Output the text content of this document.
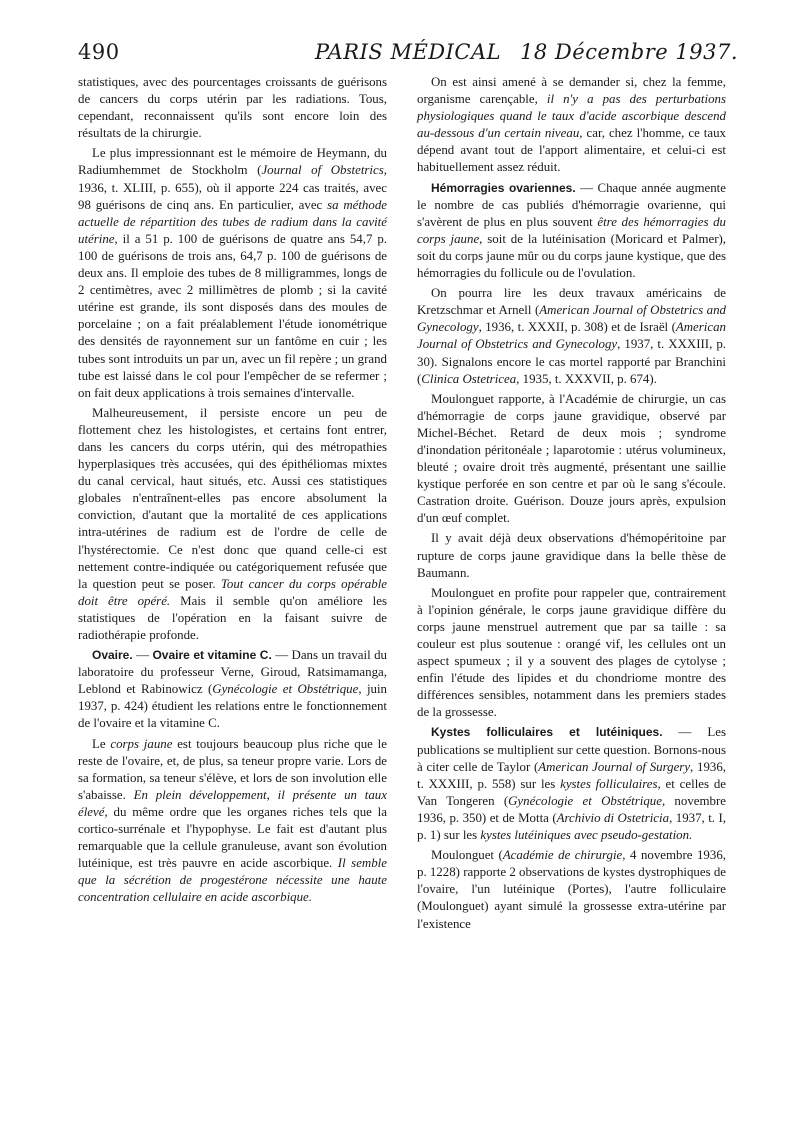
490	PARIS MÉDICAL 18 Décembre 1937.

statistiques, avec des pourcentages croissants de guérisons de cancers du corps utérin par les radiations. Tous, cependant, reconnaissent qu'ils sont encore loin des résultats de la chirurgie.

Le plus impressionnant est le mémoire de Heymann, du Radiumhemmet de Stockholm (Journal of Obstetrics, 1936, t. XLIII, p. 655), où il apporte 224 cas traités, avec 98 guérisons de cinq ans. En particulier, avec sa méthode actuelle de répartition des tubes de radium dans la cavité utérine, il a 51 p. 100 de guérisons de quatre ans 54,7 p. 100 de guérisons de trois ans, 64,7 p. 100 de guérisons de deux ans. Il emploie des tubes de 8 milligrammes, longs de 2 centimètres, avec 2 millimètres de plomb ; si la cavité utérine est grande, ils sont disposés dans des moules de porcelaine ; on a fait préalablement l'étude ionométrique des densités de rayonnement sur un fantôme en cuir ; les tubes sont introduits un par un, avec un fil repère ; un grand tube est laissé dans le col pour l'empêcher de se refermer ; on fait deux applications à trois semaines d'intervalle.

Malheureusement, il persiste encore un peu de flottement chez les histologistes, et certains font entrer, dans les cancers du corps utérin, qui des métropathies hyperplasiques très accusées, qui des épithéliomas mixtes du canal cervical, haut situés, etc. Aussi ces statistiques globales n'entraînent-elles pas encore absolument la conviction, d'autant que la mortalité de ces applications intra-utérines de radium est de l'ordre de celle de l'hystérectomie. Ce n'est donc que quand celle-ci est nettement contre-indiquée ou catégoriquement refusée que la question peut se poser. Tout cancer du corps opérable doit être opéré. Mais il semble qu'on améliore les statistiques de l'opération en la faisant suivre de radiothérapie profonde.

Ovaire. — Ovaire et vitamine C. — Dans un travail du laboratoire du professeur Verne, Giroud, Ratsimamanga, Leblond et Rabinowicz (Gynécologie et Obstétrique, juin 1937, p. 424) étudient les relations entre le fonctionnement de l'ovaire et la vitamine C.

Le corps jaune est toujours beaucoup plus riche que le reste de l'ovaire, et, de plus, sa teneur propre varie. Lors de sa formation, sa teneur s'élève, et lors de son involution elle s'abaisse. En plein développement, il présente un taux élevé, du même ordre que les organes riches tels que la cortico-surrénale et l'hypophyse. Le fait est d'autant plus remarquable que la cellule granuleuse, avant son évolution lutéinique, est très pauvre en acide ascorbique. Il semble que la sécrétion de progestérone nécessite une haute concentration cellulaire en acide ascorbique.

On est ainsi amené à se demander si, chez la femme, organisme carençable, il n'y a pas des perturbations physiologiques quand le taux d'acide ascorbique descend au-dessous d'un certain niveau, car, chez l'homme, ce taux dépend avant tout de l'apport alimentaire, et celui-ci est habituellement assez réduit.

Hémorragies ovariennes. — Chaque année augmente le nombre de cas publiés d'hémorragie ovarienne, qui s'avèrent de plus en plus souvent être des hémorragies du corps jaune, soit de la lutéinisation (Moricard et Palmer), soit du corps jaune mûr ou du corps jaune kystique, que des hémorragies du follicule ou de l'ovulation.

On pourra lire les deux travaux américains de Kretzschmar et Arnell (American Journal of Obstetrics and Gynecology, 1936, t. XXXII, p. 308) et de Israël (American Journal of Obstetrics and Gynecology, 1937, t. XXXIII, p. 30). Signalons encore le cas mortel rapporté par Branchini (Clinica Ostetricea, 1935, t. XXXVII, p. 674).

Moulonguet rapporte, à l'Académie de chirurgie, un cas d'hémorragie de corps jaune gravidique, observé par Michel-Béchet. Retard de deux mois ; syndrome d'inondation péritonéale ; laparotomie : utérus volumineux, bleuté ; ovaire droit très augmenté, présentant une saillie kystique perforée en son centre et par où le sang s'écoule. Castration droite. Guérison. Douze jours après, expulsion d'un œuf complet.

Il y avait déjà deux observations d'hémopéritoine par rupture de corps jaune gravidique dans la belle thèse de Baumann.

Moulonguet en profite pour rappeler que, contrairement à l'opinion générale, le corps jaune gravidique diffère du corps jaune menstruel autrement que par sa taille : sa couleur est plus soutenue : orangé vif, les cellules ont un aspect spumeux ; il y a souvent des plages de cytolyse ; enfin l'étude des lipides et du chondriome montre des différences sensibles, notamment dans les premiers stades de la grossesse.

Kystes folliculaires et lutéiniques. — Les publications se multiplient sur cette question. Bornons-nous à citer celle de Taylor (American Journal of Surgery, 1936, t. XXXIII, p. 558) sur les kystes folliculaires, et celles de Van Tongeren (Gynécologie et Obstétrique, novembre 1936, p. 350) et de Motta (Archivio di Ostetricia, 1937, t. I, p. 1) sur les kystes lutéiniques avec pseudo-gestation.

Moulonguet (Académie de chirurgie, 4 novembre 1936, p. 1228) rapporte 2 observations de kystes dystrophiques de l'ovaire, l'un lutéinique (Portes), l'autre folliculaire (Moulonguet) ayant simulé la grossesse extra-utérine par l'existence
